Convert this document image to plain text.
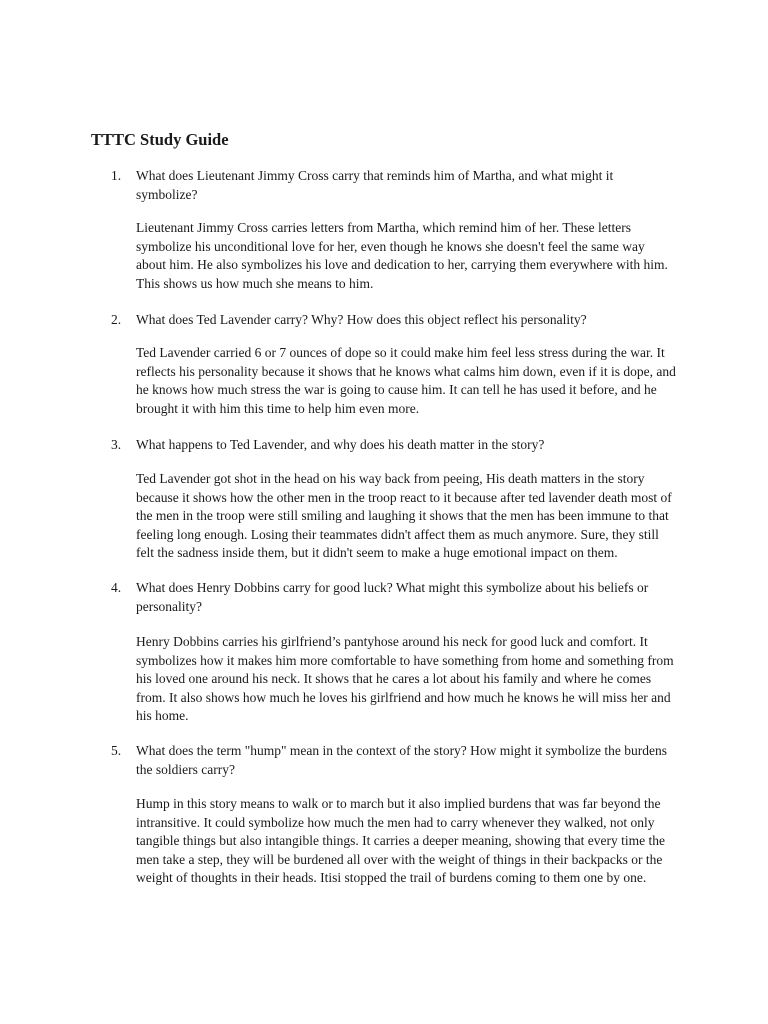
TTTC Study Guide
1. What does Lieutenant Jimmy Cross carry that reminds him of Martha, and what might it symbolize?

Lieutenant Jimmy Cross carries letters from Martha, which remind him of her. These letters symbolize his unconditional love for her, even though he knows she doesn't feel the same way about him. He also symbolizes his love and dedication to her, carrying them everywhere with him. This shows us how much she means to him.

2. What does Ted Lavender carry? Why? How does this object reflect his personality?

Ted Lavender carried 6 or 7 ounces of dope so it could make him feel less stress during the war. It reflects his personality because it shows that he knows what calms him down, even if it is dope, and he knows how much stress the war is going to cause him. It can tell he has used it before, and he brought it with him this time to help him even more.

3. What happens to Ted Lavender, and why does his death matter in the story?

Ted Lavender got shot in the head on his way back from peeing, His death matters in the story because it shows how the other men in the troop react to it because after ted lavender death most of the men in the troop were still smiling and laughing it shows that the men has been immune to that feeling long enough. Losing their teammates didn't affect them as much anymore. Sure, they still felt the sadness inside them, but it didn't seem to make a huge emotional impact on them.

4. What does Henry Dobbins carry for good luck? What might this symbolize about his beliefs or personality?

Henry Dobbins carries his girlfriend’s pantyhose around his neck for good luck and comfort. It symbolizes how it makes him more comfortable to have something from home and something from his loved one around his neck. It shows that he cares a lot about his family and where he comes from. It also shows how much he loves his girlfriend and how much he knows he will miss her and his home.

5. What does the term "hump" mean in the context of the story? How might it symbolize the burdens the soldiers carry?

Hump in this story means to walk or to march but it also implied burdens that was far beyond the intransitive. It could symbolize how much the men had to carry whenever they walked, not only tangible things but also intangible things. It carries a deeper meaning, showing that every time the men take a step, they will be burdened all over with the weight of things in their backpacks or the weight of thoughts in their heads. Itisi stopped the trail of burdens coming to them one by one.
